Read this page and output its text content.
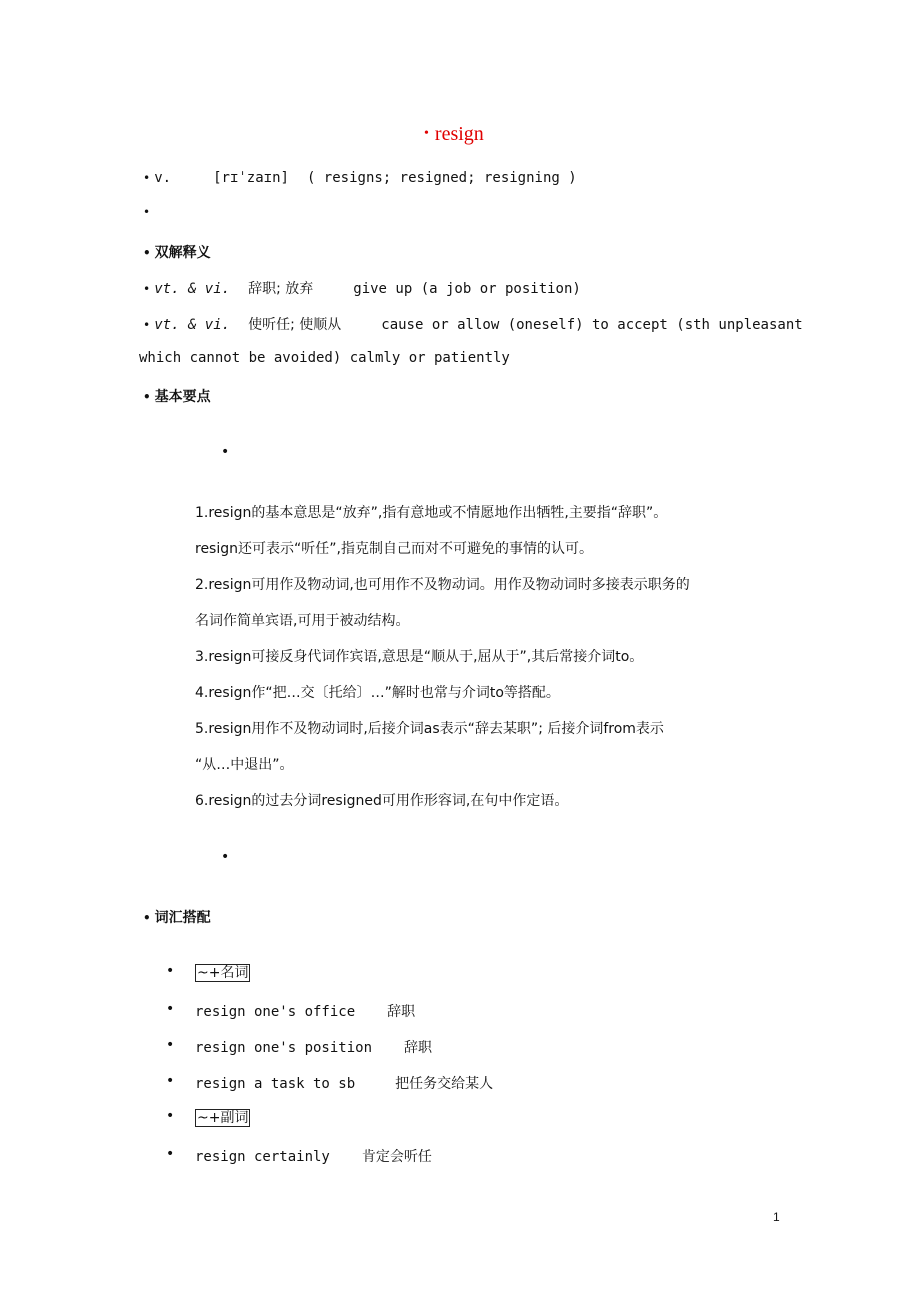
• resign
• v.	[rɪˈzaɪn] ( resigns; resigned; resigning )
•
• 双解释义
• vt. & vi. 辞职; 放弃	give up (a job or position)
• vt. & vi. 使听任; 使顺从	cause or allow (oneself) to accept (sth unpleasant
which cannot be avoided) calmly or patiently
• 基本要点
•
1.resign的基本意思是“放弃”,指有意地或不情愿地作出牺牲,主要指“辞职”。
resign还可表示“听任”,指克制自己而对不可避免的事情的认可。
2.resign可用作及物动词,也可用作不及物动词。用作及物动词时多接表示职务的
名词作简单宾语,可用于被动结构。
3.resign可接反身代词作宾语,意思是“顺从于,屈从于”,其后常接介词to。
4.resign作“把…交〔托给〕…”解时也常与介词to等搭配。
5.resign用作不及物动词时,后接介词as表示“辞去某职”; 后接介词from表示
“从…中退出”。
6.resign的过去分词resigned可用作形容词,在句中作定语。
•
• 词汇搭配
• ~+名词
• resign one's office 辞职
• resign one's position 辞职
• resign a task to sb	把任务交给某人
• ~+副词
• resign certainly 肯定会听任
1
